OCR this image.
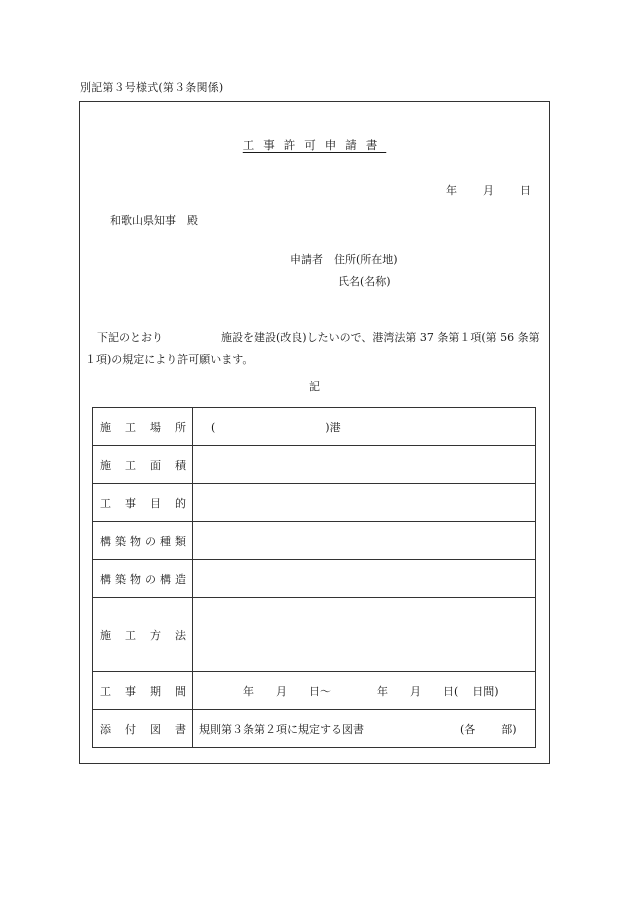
別記第３号様式(第３条関係)
工事許可申請書
年 月 日
和歌山県知事　殿
申請者　住所(所在地)
氏名(名称)
下記のとおり	施設を建設(改良)したいので、港湾法第 37 条第１項(第 56 条第１項)の規定により許可願います。
記
施工場所	( )港
施工面積	
工事目的	
構築物の種類	
構築物の構造	
施工方法	
工事期間	年 月 日～ 年 月 日( 日間)
添付図書	規則第３条第２項に規定する図書 (各 部)
